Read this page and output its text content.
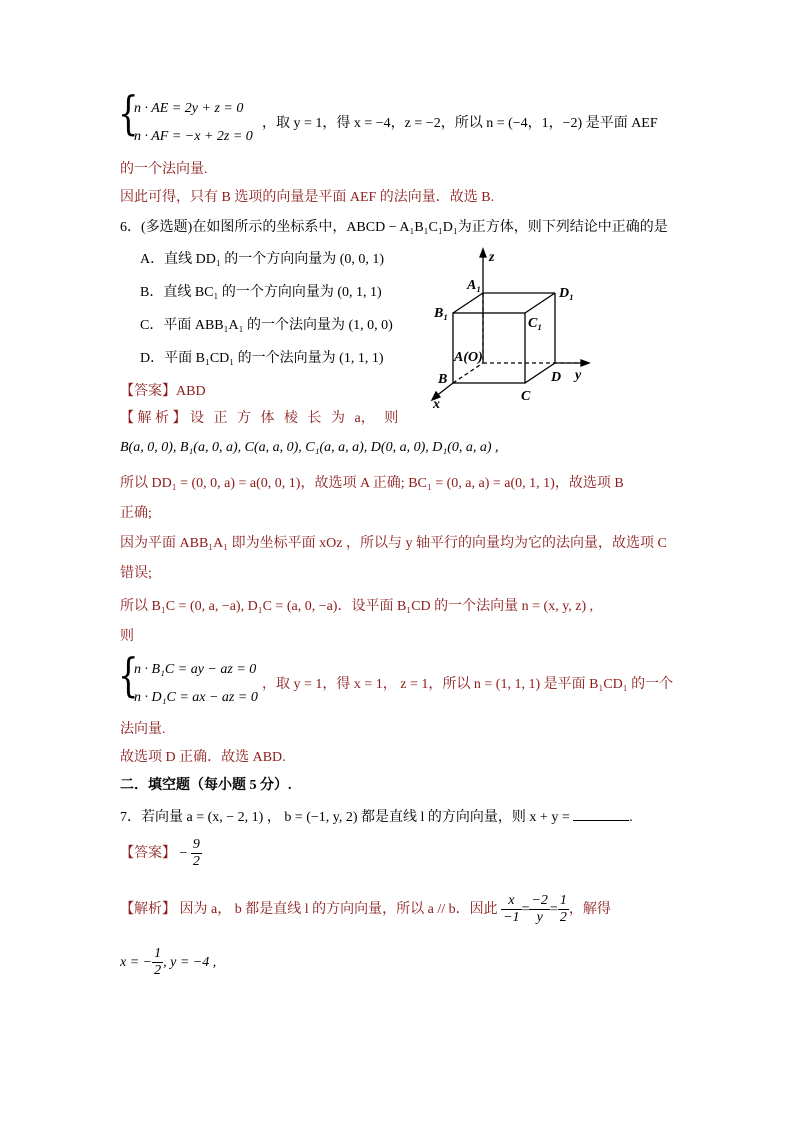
{
n · AE = 2y + z = 0
n · AF = −x + 2z = 0
，取 y = 1，得 x = −4，z = −2，所以 n = (−4，1，−2) 是平面 AEF
的一个法向量.
因此可得，只有 B 选项的向量是平面 AEF 的法向量．故选 B.
6．(多选题)在如图所示的坐标系中，ABCD − A₁B₁C₁D₁为正方体，则下列结论中正确的是
A．直线 DD₁ 的一个方向向量为 (0, 0, 1)
B．直线 BC₁ 的一个方向向量为 (0, 1, 1)
C．平面 ABB₁A₁ 的一个法向量为 (1, 0, 0)
D．平面 B₁CD₁ 的一个法向量为 (1, 1, 1)
z
x
y
A₁
D₁
B₁
C₁
A(O)
B
C
D
【答案】ABD
【 解 析 】 设 正 方 体 棱 长 为 a， 则
B(a, 0, 0), B₁(a, 0, a), C(a, a, 0), C₁(a, a, a), D(0, a, 0), D₁(0, a, a) ,
所以 DD₁ = (0, 0, a) = a(0, 0, 1)，故选项 A 正确; BC₁ = (0, a, a) = a(0, 1, 1)，故选项 B
正确;
因为平面 ABB₁A₁ 即为坐标平面 xOz ，所以与 y 轴平行的向量均为它的法向量，故选项 C
错误;
所以 B₁C = (0, a, −a), D₁C = (a, 0, −a)．设平面 B₁CD 的一个法向量 n = (x, y, z) ,
则
{
n · B₁C = ay − az = 0
n · D₁C = ax − az = 0
，取 y = 1，得 x = 1， z = 1，所以 n = (1, 1, 1) 是平面 B₁CD₁ 的一个
法向量.
故选项 D 正确．故选 ABD.
二．填空题（每小题 5 分）.
7．若向量 a = (x, − 2, 1) ， b = (−1, y, 2) 都是直线 l 的方向向量，则 x + y =	.
【答案】 − $\frac{9}{2}$
【解析】 因为 a， b 都是直线 l 的方向向量，所以 a // b．因此 $\frac{x}{-1} = \frac{-2}{y} = \frac{1}{2}$ ，解得
x = − $\frac{1}{2}$ , y = −4 ,
